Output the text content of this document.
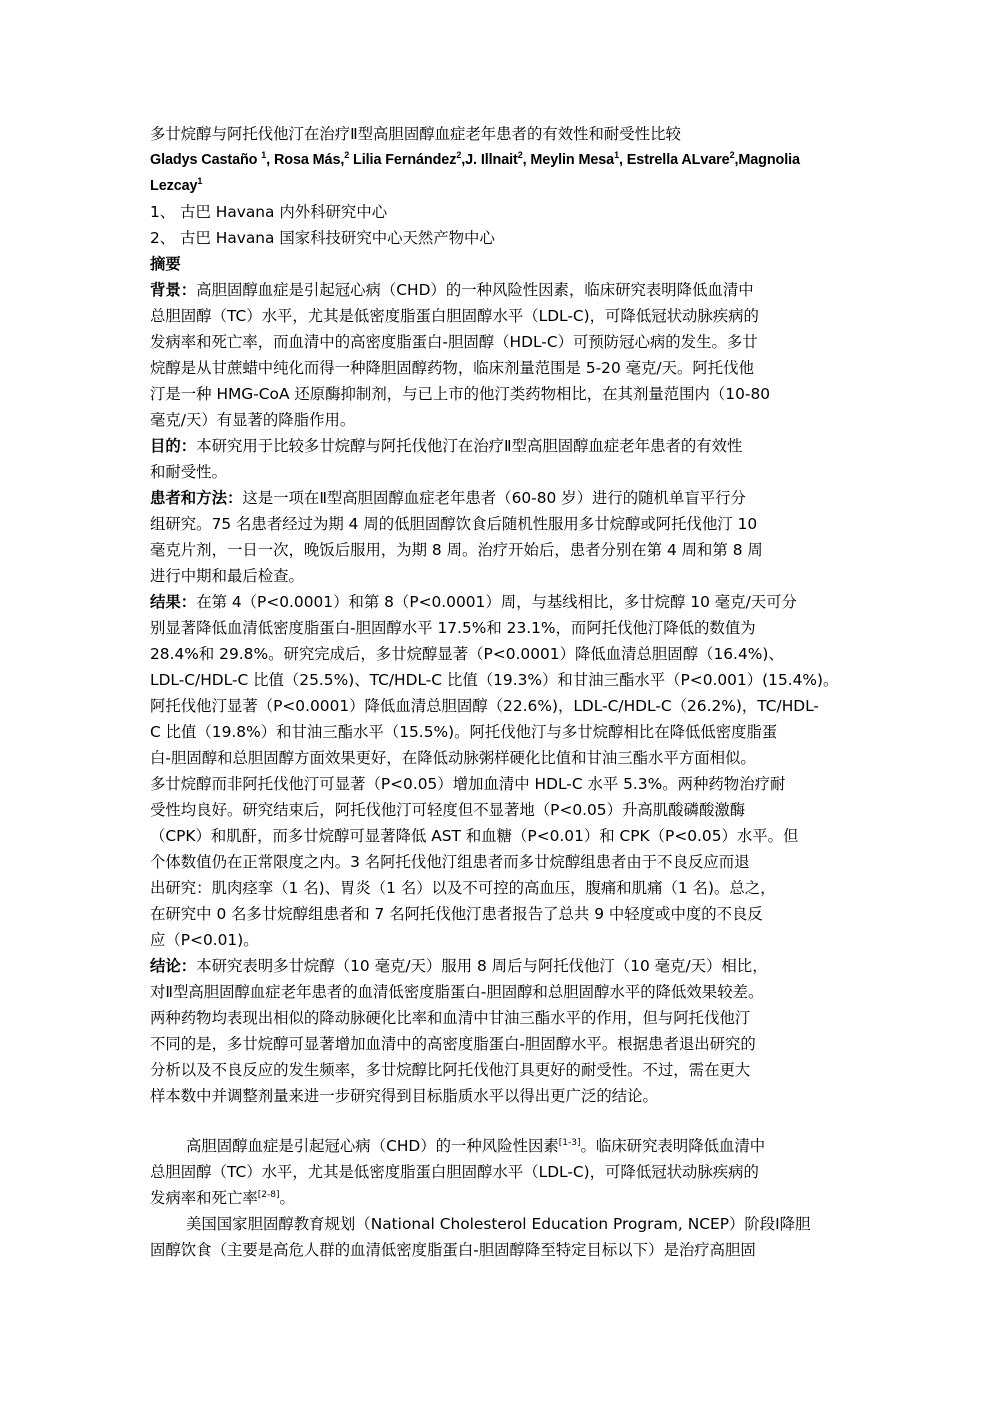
多廿烷醇与阿托伐他汀在治疗Ⅱ型高胆固醇血症老年患者的有效性和耐受性比较
Gladys Castaño $^1$, Rosa Más,$^2$ Lilia Fernández$^2$,J. Illnait$^2$, Meylin Mesa$^1$, Estrella ALvare$^2$,Magnolia
Lezcay$^1$
1、 古巴 Havana 内外科研究中心
2、 古巴 Havana 国家科技研究中心天然产物中心
摘要
背景：高胆固醇血症是引起冠心病（CHD）的一种风险性因素，临床研究表明降低血清中
总胆固醇（TC）水平，尤其是低密度脂蛋白胆固醇水平（LDL-C)，可降低冠状动脉疾病的
发病率和死亡率，而血清中的高密度脂蛋白-胆固醇（HDL-C）可预防冠心病的发生。多廿
烷醇是从甘蔗蜡中纯化而得一种降胆固醇药物，临床剂量范围是 5-20 毫克/天。阿托伐他
汀是一种 HMG-CoA 还原酶抑制剂，与已上市的他汀类药物相比，在其剂量范围内（10-80
毫克/天）有显著的降脂作用。
目的：本研究用于比较多廿烷醇与阿托伐他汀在治疗Ⅱ型高胆固醇血症老年患者的有效性
和耐受性。
患者和方法：这是一项在Ⅱ型高胆固醇血症老年患者（60-80 岁）进行的随机单盲平行分
组研究。75 名患者经过为期 4 周的低胆固醇饮食后随机性服用多廿烷醇或阿托伐他汀 10
毫克片剂，一日一次，晚饭后服用，为期 8 周。治疗开始后，患者分别在第 4 周和第 8 周
进行中期和最后检查。
结果：在第 4（P<0.0001）和第 8（P<0.0001）周，与基线相比，多廿烷醇 10 毫克/天可分
别显著降低血清低密度脂蛋白-胆固醇水平 17.5%和 23.1%，而阿托伐他汀降低的数值为
28.4%和 29.8%。研究完成后，多廿烷醇显著（P<0.0001）降低血清总胆固醇（16.4%)、
LDL-C/HDL-C 比值（25.5%)、TC/HDL-C 比值（19.3%）和甘油三酯水平（P<0.001）(15.4%)。
阿托伐他汀显著（P<0.0001）降低血清总胆固醇（22.6%)，LDL-C/HDL-C（26.2%)，TC/HDL-
C 比值（19.8%）和甘油三酯水平（15.5%)。阿托伐他汀与多廿烷醇相比在降低低密度脂蛋
白-胆固醇和总胆固醇方面效果更好，在降低动脉粥样硬化比值和甘油三酯水平方面相似。
多廿烷醇而非阿托伐他汀可显著（P<0.05）增加血清中 HDL-C 水平 5.3%。两种药物治疗耐
受性均良好。研究结束后，阿托伐他汀可轻度但不显著地（P<0.05）升高肌酸磷酸激酶
（CPK）和肌酐，而多廿烷醇可显著降低 AST 和血糖（P<0.01）和 CPK（P<0.05）水平。但
个体数值仍在正常限度之内。3 名阿托伐他汀组患者而多廿烷醇组患者由于不良反应而退
出研究：肌肉痉挛（1 名)、胃炎（1 名）以及不可控的高血压，腹痛和肌痛（1 名)。总之，
在研究中 0 名多廿烷醇组患者和 7 名阿托伐他汀患者报告了总共 9 中轻度或中度的不良反
应（P<0.01)。
结论：本研究表明多廿烷醇（10 毫克/天）服用 8 周后与阿托伐他汀（10 毫克/天）相比，
对Ⅱ型高胆固醇血症老年患者的血清低密度脂蛋白-胆固醇和总胆固醇水平的降低效果较差。
两种药物均表现出相似的降动脉硬化比率和血清中甘油三酯水平的作用，但与阿托伐他汀
不同的是，多廿烷醇可显著增加血清中的高密度脂蛋白-胆固醇水平。根据患者退出研究的
分析以及不良反应的发生频率，多廿烷醇比阿托伐他汀具更好的耐受性。不过，需在更大
样本数中并调整剂量来进一步研究得到目标脂质水平以得出更广泛的结论。
高胆固醇血症是引起冠心病（CHD）的一种风险性因素[1-3]。临床研究表明降低血清中
总胆固醇（TC）水平，尤其是低密度脂蛋白胆固醇水平（LDL-C)，可降低冠状动脉疾病的
发病率和死亡率[2-8]。
美国国家胆固醇教育规划（National Cholesterol Education Program, NCEP）阶段Ⅰ降胆
固醇饮食（主要是高危人群的血清低密度脂蛋白-胆固醇降至特定目标以下）是治疗高胆固
